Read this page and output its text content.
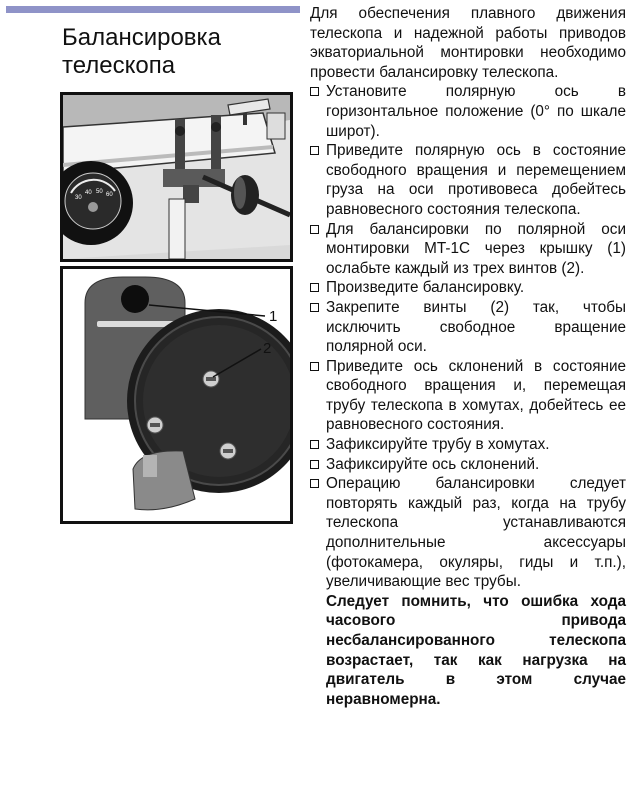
Балансировка
телескопа
30
40 50 60
1
2

Для обеспечения плавного движения телескопа и надежной работы приводов экваториальной монтировки необходимо провести балансировку телескопа.

Установите полярную ось в горизонтальное положение (0° по шкале широт).
Приведите полярную ось в состояние свободного вращения и перемещением груза на оси противовеса добейтесь равновесного состояния телескопа.
Для балансировки по полярной оси монтировки MT-1C через крышку (1) ослабьте каждый из трех винтов (2).
Произведите балансировку.
Закрепите винты (2) так, чтобы исключить свободное вращение полярной оси.
Приведите ось склонений в состояние свободного вращения и, перемещая трубу телескопа в хомутах, добейтесь ее равновесного состояния.
Зафиксируйте трубу в хомутах.
Зафиксируйте ось склонений.
Операцию балансировки следует повторять каждый раз, когда на трубу телескопа устанавливаются дополнительные аксессуары (фотокамера, окуляры, гиды и т.п.), увеличивающие вес трубы.
Следует помнить, что ошибка хода часового привода несбалансированного телескопа возрастает, так как нагрузка на двигатель в этом случае неравномерна.
